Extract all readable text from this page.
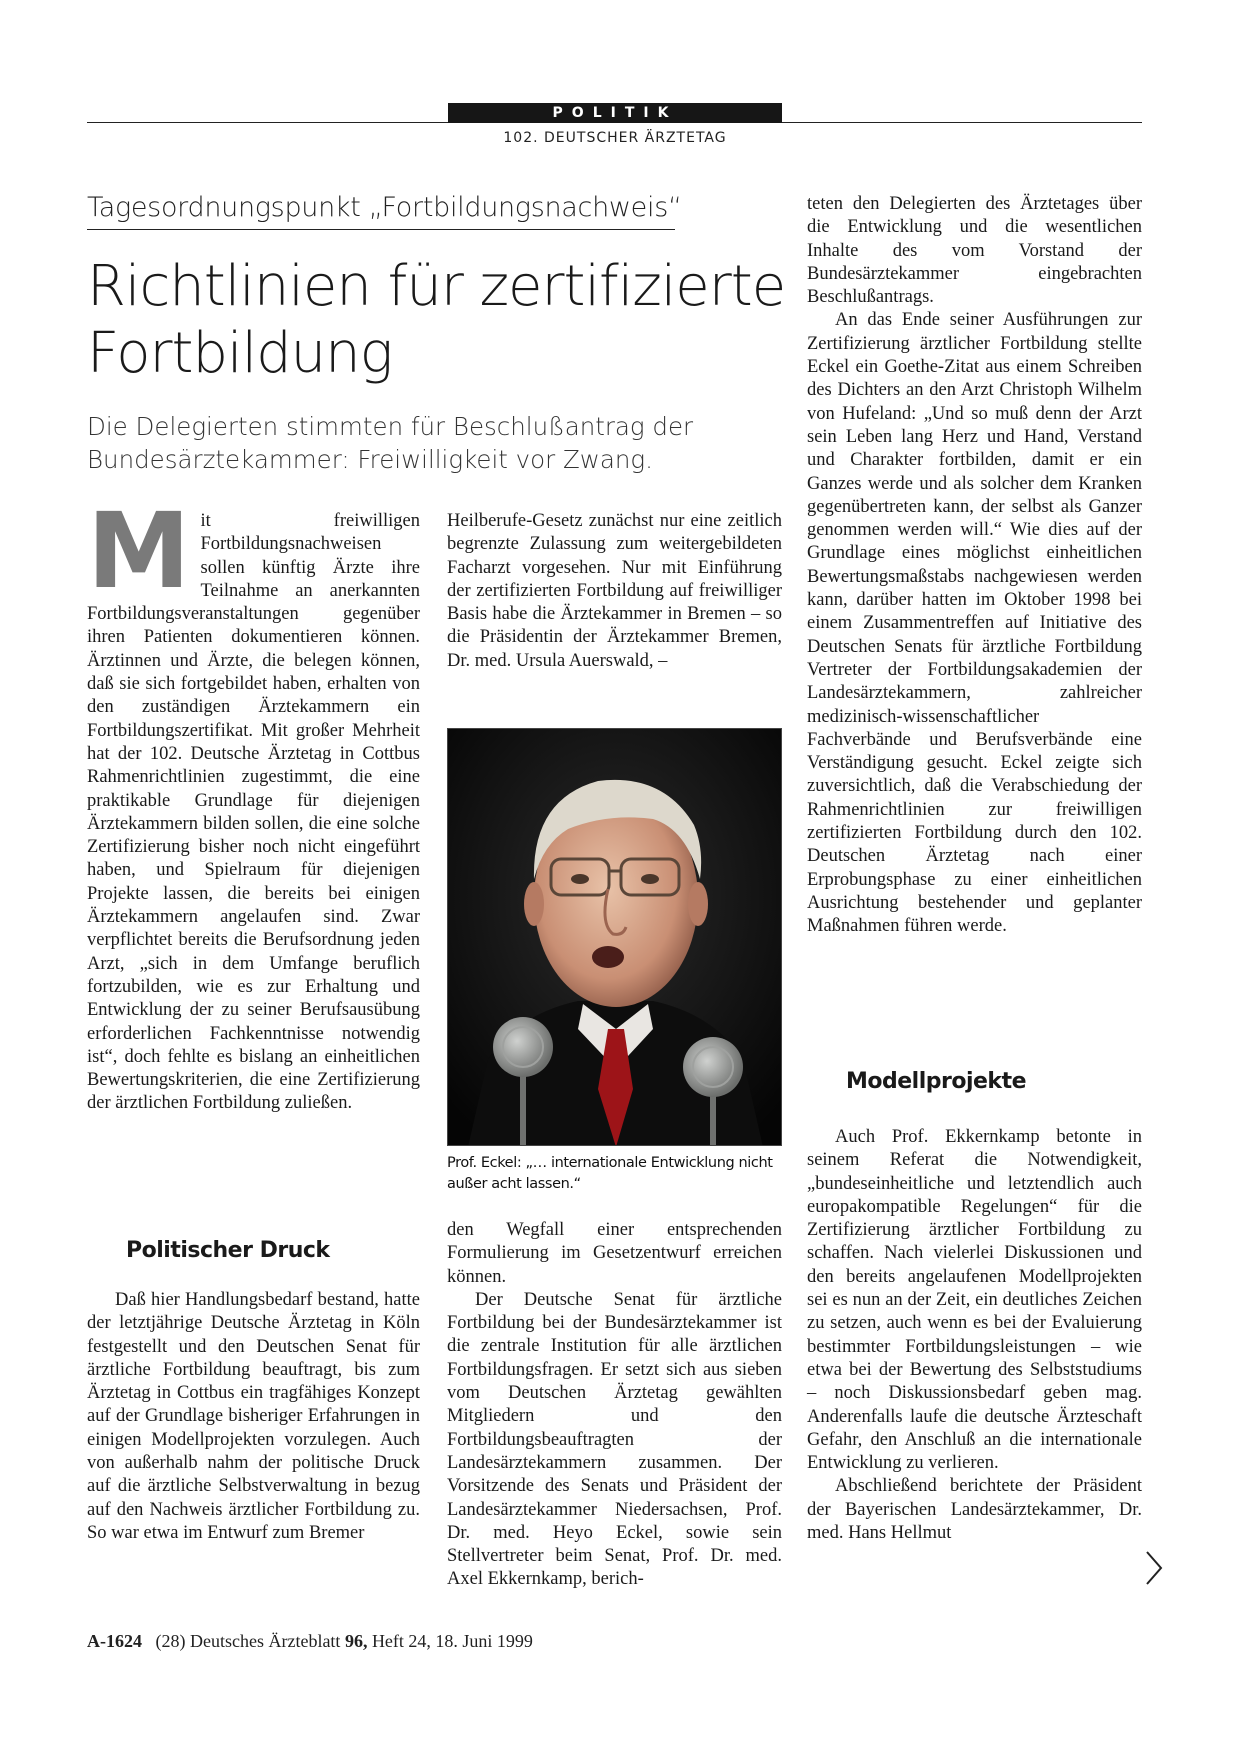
POLITIK
102. DEUTSCHER ÄRZTETAG
Tagesordnungspunkt „Fortbildungsnachweis“
Richtlinien für zertifizierte
Fortbildung
Die Delegierten stimmten für Beschlußantrag der
Bundesärztekammer: Freiwilligkeit vor Zwang.
M it freiwilligen Fortbildungsnachweisen sollen künftig Ärzte ihre Teilnahme an anerkannten Fortbildungsveranstaltungen gegenüber ihren Patienten dokumentieren können. Ärztinnen und Ärzte, die belegen können, daß sie sich fortgebildet haben, erhalten von den zuständigen Ärztekammern ein Fortbildungszertifikat. Mit großer Mehrheit hat der 102. Deutsche Ärztetag in Cottbus Rahmenrichtlinien zugestimmt, die eine praktikable Grundlage für diejenigen Ärztekammern bilden sollen, die eine solche Zertifizierung bisher noch nicht eingeführt haben, und Spielraum für diejenigen Projekte lassen, die bereits bei einigen Ärztekammern angelaufen sind. Zwar verpflichtet bereits die Berufsordnung jeden Arzt, „sich in dem Umfange beruflich fortzubilden, wie es zur Erhaltung und Entwicklung der zu seiner Berufsausübung erforderlichen Fachkenntnisse notwendig ist“, doch fehlte es bislang an einheitlichen Bewertungskriterien, die eine Zertifizierung der ärztlichen Fortbildung zuließen.

Politischer Druck

Daß hier Handlungsbedarf bestand, hatte der letztjährige Deutsche Ärztetag in Köln festgestellt und den Deutschen Senat für ärztliche Fortbildung beauftragt, bis zum Ärztetag in Cottbus ein tragfähiges Konzept auf der Grundlage bisheriger Erfahrungen in einigen Modellprojekten vorzulegen. Auch von außerhalb nahm der politische Druck auf die ärztliche Selbstverwaltung in bezug auf den Nachweis ärztlicher Fortbildung zu. So war etwa im Entwurf zum Bremer

Heilberufe-Gesetz zunächst nur eine zeitlich begrenzte Zulassung zum weitergebildeten Facharzt vorgesehen. Nur mit Einführung der zertifizierten Fortbildung auf freiwilliger Basis habe die Ärztekammer in Bremen – so die Präsidentin der Ärztekammer Bremen, Dr. med. Ursula Auerswald, –

Prof. Eckel: „… internationale Entwicklung nicht
außer acht lassen.“

den Wegfall einer entsprechenden Formulierung im Gesetzentwurf erreichen können.

Der Deutsche Senat für ärztliche Fortbildung bei der Bundesärztekammer ist die zentrale Institution für alle ärztlichen Fortbildungsfragen. Er setzt sich aus sieben vom Deutschen Ärztetag gewählten Mitgliedern und den Fortbildungsbeauftragten der Landesärztekammern zusammen. Der Vorsitzende des Senats und Präsident der Landesärztekammer Niedersachsen, Prof. Dr. med. Heyo Eckel, sowie sein Stellvertreter beim Senat, Prof. Dr. med. Axel Ekkernkamp, berich-

teten den Delegierten des Ärztetages über die Entwicklung und die wesentlichen Inhalte des vom Vorstand der Bundesärztekammer eingebrachten Beschlußantrags.

An das Ende seiner Ausführungen zur Zertifizierung ärztlicher Fortbildung stellte Eckel ein Goethe-Zitat aus einem Schreiben des Dichters an den Arzt Christoph Wilhelm von Hufeland: „Und so muß denn der Arzt sein Leben lang Herz und Hand, Verstand und Charakter fortbilden, damit er ein Ganzes werde und als solcher dem Kranken gegenübertreten kann, der selbst als Ganzer genommen werden will.“ Wie dies auf der Grundlage eines möglichst einheitlichen Bewertungsmaßstabs nachgewiesen werden kann, darüber hatten im Oktober 1998 bei einem Zusammentreffen auf Initiative des Deutschen Senats für ärztliche Fortbildung Vertreter der Fortbildungsakademien der Landesärztekammern, zahlreicher medizinisch-wissenschaftlicher Fachverbände und Berufsverbände eine Verständigung gesucht. Eckel zeigte sich zuversichtlich, daß die Verabschiedung der Rahmenrichtlinien zur freiwilligen zertifizierten Fortbildung durch den 102. Deutschen Ärztetag nach einer Erprobungsphase zu einer einheitlichen Ausrichtung bestehender und geplanter Maßnahmen führen werde.

Modellprojekte

Auch Prof. Ekkernkamp betonte in seinem Referat die Notwendigkeit, „bundeseinheitliche und letztendlich auch europakompatible Regelungen“ für die Zertifizierung ärztlicher Fortbildung zu schaffen. Nach vielerlei Diskussionen und den bereits angelaufenen Modellprojekten sei es nun an der Zeit, ein deutliches Zeichen zu setzen, auch wenn es bei der Evaluierung bestimmter Fortbildungsleistungen – wie etwa bei der Bewertung des Selbststudiums – noch Diskussionsbedarf geben mag. Anderenfalls laufe die deutsche Ärzteschaft Gefahr, den Anschluß an die internationale Entwicklung zu verlieren.

Abschließend berichtete der Präsident der Bayerischen Landesärztekammer, Dr. med. Hans Hellmut

A-1624 (28) Deutsches Ärzteblatt 96, Heft 24, 18. Juni 1999
